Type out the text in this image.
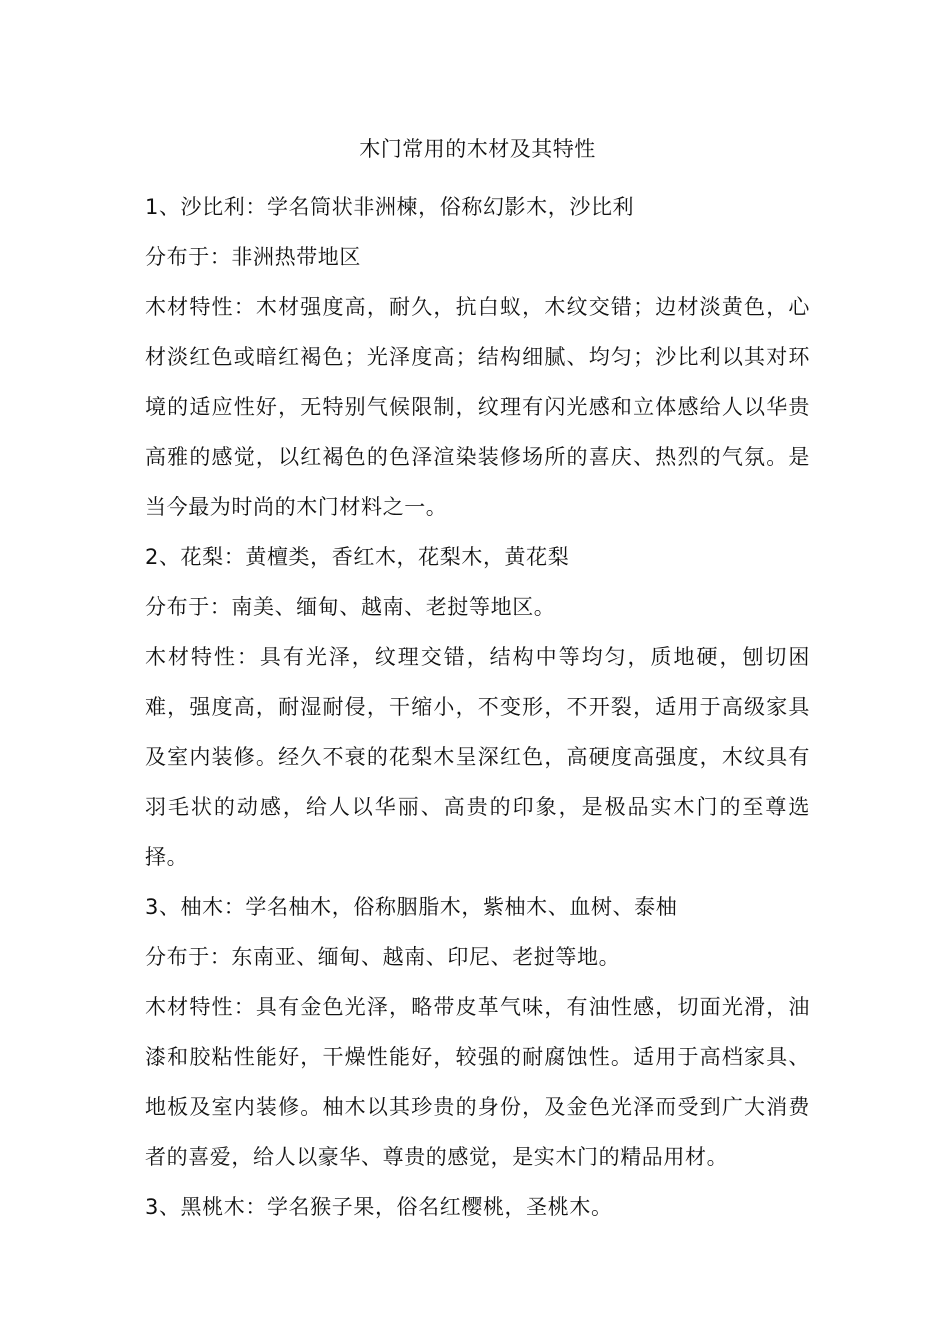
木门常用的木材及其特性

1、沙比利：学名筒状非洲楝，俗称幻影木，沙比利

分布于：非洲热带地区

木材特性：木材强度高，耐久，抗白蚁，木纹交错；边材淡黄色，心材淡红色或暗红褐色；光泽度高；结构细腻、均匀；沙比利以其对环境的适应性好，无特别气候限制，纹理有闪光感和立体感给人以华贵高雅的感觉，以红褐色的色泽渲染装修场所的喜庆、热烈的气氛。是当今最为时尚的木门材料之一。

2、花梨：黄檀类，香红木，花梨木，黄花梨

分布于：南美、缅甸、越南、老挝等地区。

木材特性：具有光泽，纹理交错，结构中等均匀，质地硬，刨切困难，强度高，耐湿耐侵，干缩小，不变形，不开裂，适用于高级家具及室内装修。经久不衰的花梨木呈深红色，高硬度高强度，木纹具有羽毛状的动感，给人以华丽、高贵的印象，是极品实木门的至尊选择。

3、柚木：学名柚木，俗称胭脂木，紫柚木、血树、泰柚

分布于：东南亚、缅甸、越南、印尼、老挝等地。

木材特性：具有金色光泽，略带皮革气味，有油性感，切面光滑，油漆和胶粘性能好，干燥性能好，较强的耐腐蚀性。适用于高档家具、地板及室内装修。柚木以其珍贵的身份，及金色光泽而受到广大消费者的喜爱，给人以豪华、尊贵的感觉，是实木门的精品用材。

3、黑桃木：学名猴子果，俗名红樱桃，圣桃木。
